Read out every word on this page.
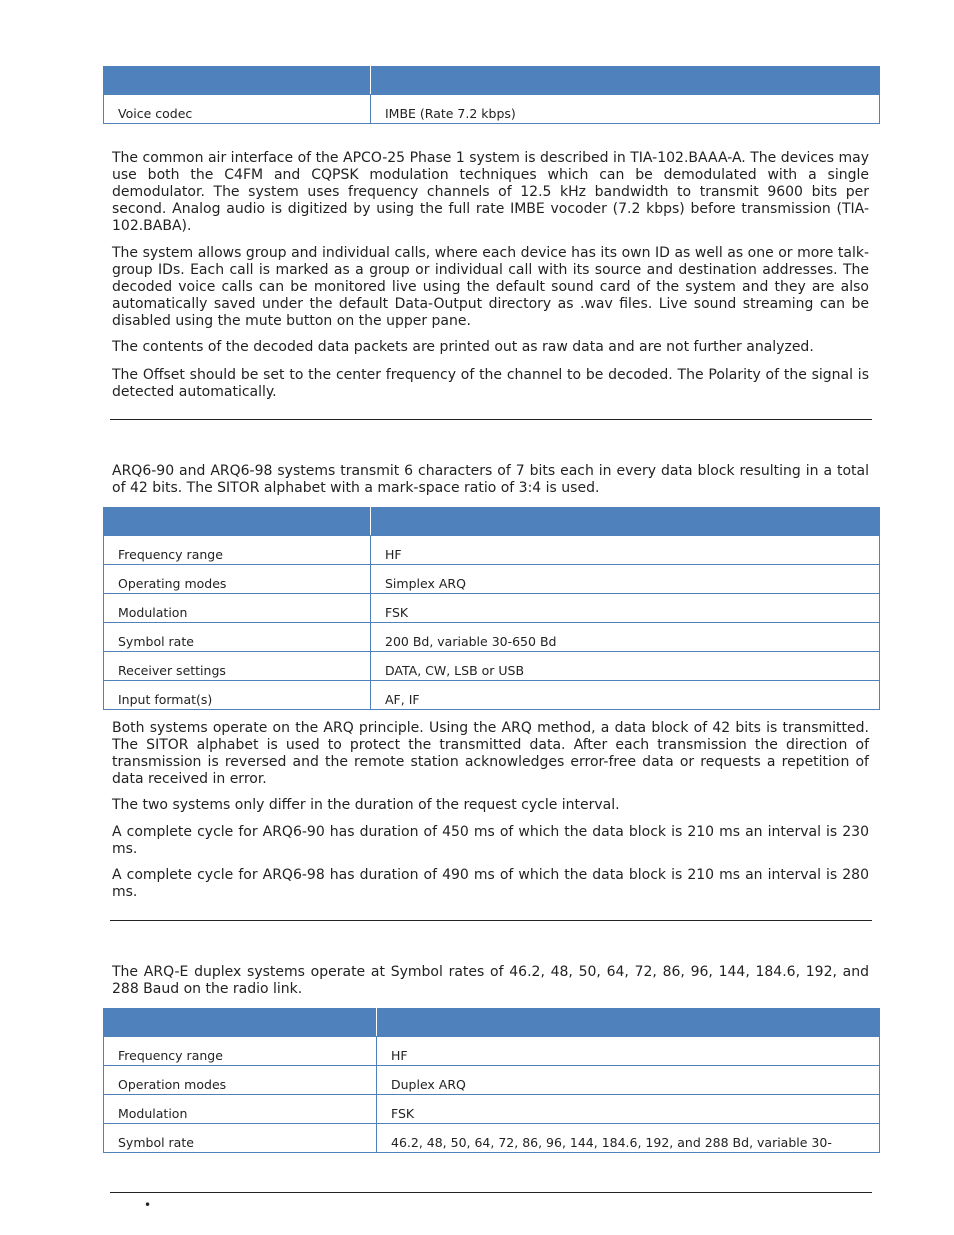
Voice codec	IMBE (Rate 7.2 kbps)

The common air interface of the APCO-25 Phase 1 system is described in TIA-102.BAAA-A. The devices may use both the C4FM and CQPSK modulation techniques which can be demodulated with a single demodulator. The system uses frequency channels of 12.5 kHz bandwidth to transmit 9600 bits per second. Analog audio is digitized by using the full rate IMBE vocoder (7.2 kbps) before transmission (TIA-102.BABA).

The system allows group and individual calls, where each device has its own ID as well as one or more talk-group IDs. Each call is marked as a group or individual call with its source and destination addresses. The decoded voice calls can be monitored live using the default sound card of the system and they are also automatically saved under the default Data-Output directory as .wav files. Live sound streaming can be disabled using the mute button on the upper pane.

The contents of the decoded data packets are printed out as raw data and are not further analyzed.

The Offset should be set to the center frequency of the channel to be decoded. The Polarity of the signal is detected automatically.

ARQ6-90 and ARQ6-98 systems transmit 6 characters of 7 bits each in every data block resulting in a total of 42 bits. The SITOR alphabet with a mark-space ratio of 3:4 is used.

Frequency range	HF
Operating modes	Simplex ARQ
Modulation	FSK
Symbol rate	200 Bd, variable 30-650 Bd
Receiver settings	DATA, CW, LSB or USB
Input format(s)	AF, IF

Both systems operate on the ARQ principle. Using the ARQ method, a data block of 42 bits is transmitted. The SITOR alphabet is used to protect the transmitted data. After each transmission the direction of transmission is reversed and the remote station acknowledges error-free data or requests a repetition of data received in error.

The two systems only differ in the duration of the request cycle interval.

A complete cycle for ARQ6-90 has duration of 450 ms of which the data block is 210 ms an interval is 230 ms.

A complete cycle for ARQ6-98 has duration of 490 ms of which the data block is 210 ms an interval is 280 ms.

The ARQ-E duplex systems operate at Symbol rates of 46.2, 48, 50, 64, 72, 86, 96, 144, 184.6, 192, and 288 Baud on the radio link.

Frequency range	HF
Operation modes	Duplex ARQ
Modulation	FSK
Symbol rate	46.2, 48, 50, 64, 72, 86, 96, 144, 184.6, 192, and 288 Bd, variable 30-
•
